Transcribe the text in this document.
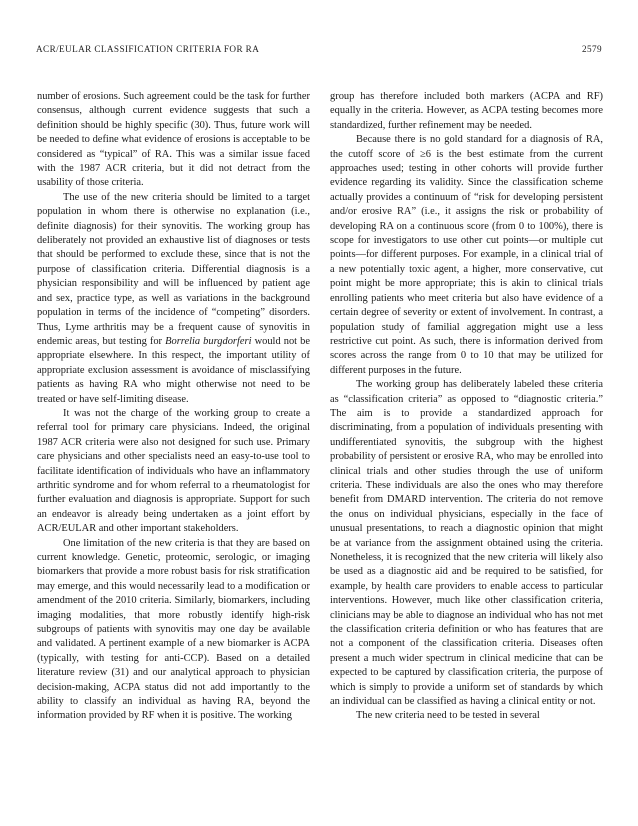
ACR/EULAR CLASSIFICATION CRITERIA FOR RA	2579

number of erosions. Such agreement could be the task for further consensus, although current evidence suggests that such a definition should be highly specific (30). Thus, future work will be needed to define what evidence of erosions is acceptable to be considered as “typical” of RA. This was a similar issue faced with the 1987 ACR criteria, but it did not detract from the usability of those criteria.

The use of the new criteria should be limited to a target population in whom there is otherwise no explanation (i.e., definite diagnosis) for their synovitis. The working group has deliberately not provided an exhaustive list of diagnoses or tests that should be performed to exclude these, since that is not the purpose of classification criteria. Differential diagnosis is a physician responsibility and will be influenced by patient age and sex, practice type, as well as variations in the background population in terms of the incidence of “competing” disorders. Thus, Lyme arthritis may be a frequent cause of synovitis in endemic areas, but testing for Borrelia burgdorferi would not be appropriate elsewhere. In this respect, the important utility of appropriate exclusion assessment is avoidance of misclassifying patients as having RA who might otherwise not need to be treated or have self-limiting disease.

It was not the charge of the working group to create a referral tool for primary care physicians. Indeed, the original 1987 ACR criteria were also not designed for such use. Primary care physicians and other specialists need an easy-to-use tool to facilitate identification of individuals who have an inflammatory arthritic syndrome and for whom referral to a rheumatologist for further evaluation and diagnosis is appropriate. Support for such an endeavor is already being undertaken as a joint effort by ACR/EULAR and other important stakeholders.

One limitation of the new criteria is that they are based on current knowledge. Genetic, proteomic, serologic, or imaging biomarkers that provide a more robust basis for risk stratification may emerge, and this would necessarily lead to a modification or amendment of the 2010 criteria. Similarly, biomarkers, including imaging modalities, that more robustly identify high-risk subgroups of patients with synovitis may one day be available and validated. A pertinent example of a new biomarker is ACPA (typically, with testing for anti-CCP). Based on a detailed literature review (31) and our analytical approach to physician decision-making, ACPA status did not add importantly to the ability to classify an individual as having RA, beyond the information provided by RF when it is positive. The working

group has therefore included both markers (ACPA and RF) equally in the criteria. However, as ACPA testing becomes more standardized, further refinement may be needed.

Because there is no gold standard for a diagnosis of RA, the cutoff score of ≥6 is the best estimate from the current approaches used; testing in other cohorts will provide further evidence regarding its validity. Since the classification scheme actually provides a continuum of “risk for developing persistent and/or erosive RA” (i.e., it assigns the risk or probability of developing RA on a continuous score (from 0 to 100%), there is scope for investigators to use other cut points—or multiple cut points—for different purposes. For example, in a clinical trial of a new potentially toxic agent, a higher, more conservative, cut point might be more appropriate; this is akin to clinical trials enrolling patients who meet criteria but also have evidence of a certain degree of severity or extent of involvement. In contrast, a population study of familial aggregation might use a less restrictive cut point. As such, there is information derived from scores across the range from 0 to 10 that may be utilized for different purposes in the future.

The working group has deliberately labeled these criteria as “classification criteria” as opposed to “diagnostic criteria.” The aim is to provide a standardized approach for discriminating, from a population of individuals presenting with undifferentiated synovitis, the subgroup with the highest probability of persistent or erosive RA, who may be enrolled into clinical trials and other studies through the use of uniform criteria. These individuals are also the ones who may therefore benefit from DMARD intervention. The criteria do not remove the onus on individual physicians, especially in the face of unusual presentations, to reach a diagnostic opinion that might be at variance from the assignment obtained using the criteria. Nonetheless, it is recognized that the new criteria will likely also be used as a diagnostic aid and be required to be satisfied, for example, by health care providers to enable access to particular interventions. However, much like other classification criteria, clinicians may be able to diagnose an individual who has not met the classification criteria definition or who has features that are not a component of the classification criteria. Diseases often present a much wider spectrum in clinical medicine that can be expected to be captured by classification criteria, the purpose of which is simply to provide a uniform set of standards by which an individual can be classified as having a clinical entity or not.

The new criteria need to be tested in several
